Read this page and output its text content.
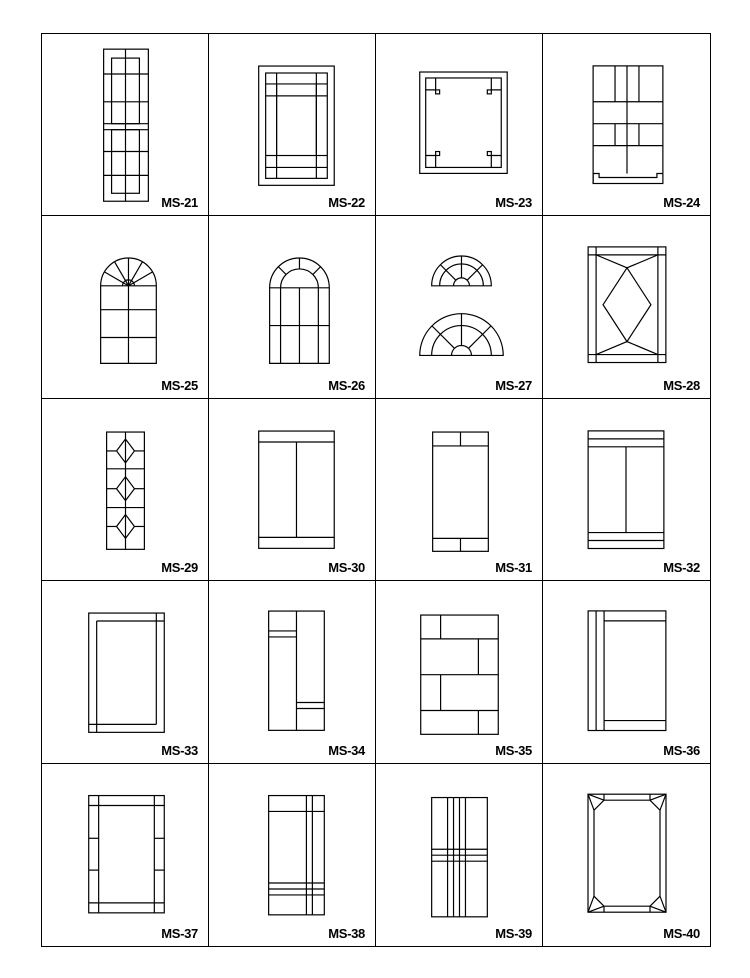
MS-21	MS-22	MS-23	MS-24
MS-25	MS-26	MS-27	MS-28
MS-29	MS-30	MS-31	MS-32
MS-33	MS-34	MS-35	MS-36
MS-37	MS-38	MS-39	MS-40
